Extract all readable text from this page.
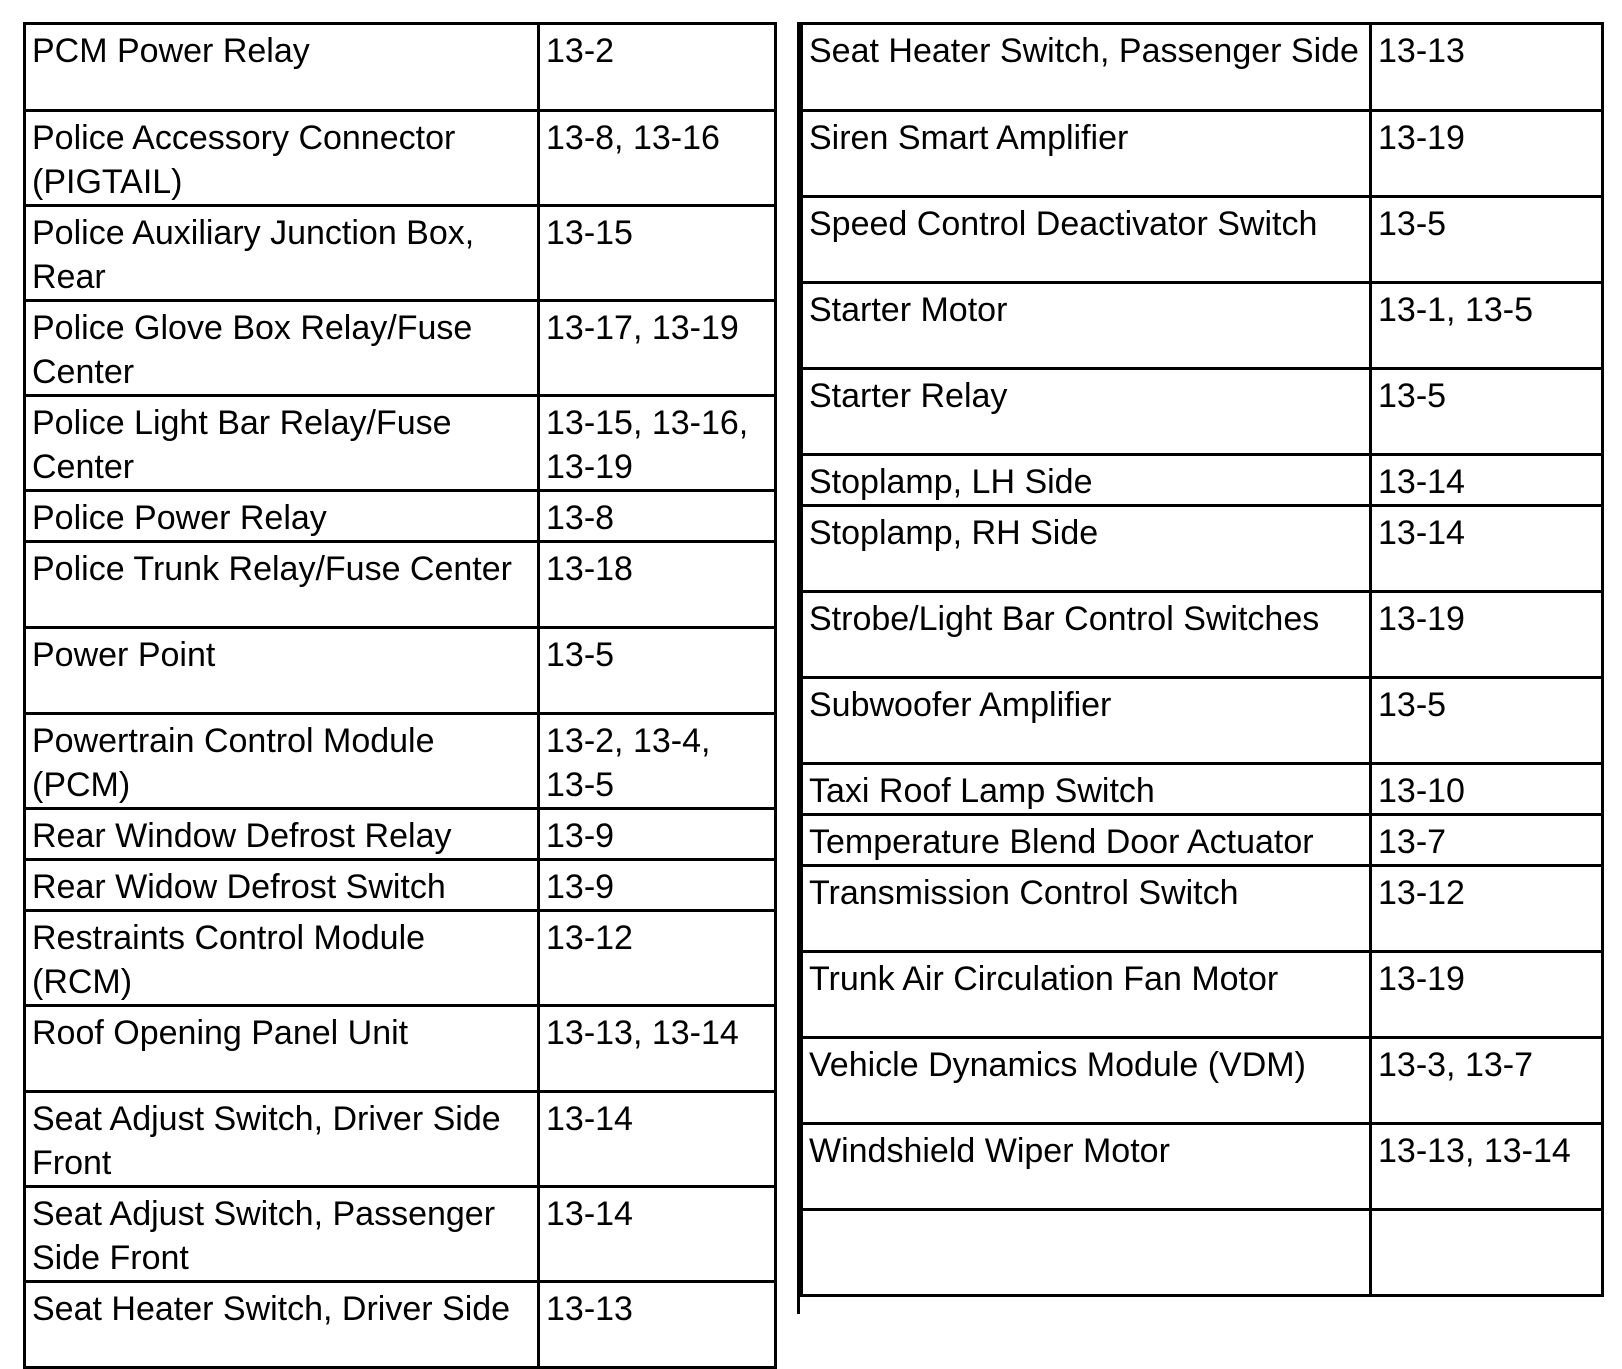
PCM Power Relay	13-2
Police Accessory Connector (PIGTAIL)	13-8, 13-16
Police Auxiliary Junction Box, Rear	13-15
Police Glove Box Relay/Fuse Center	13-17, 13-19
Police Light Bar Relay/Fuse Center	13-15, 13-16, 13-19
Police Power Relay	13-8
Police Trunk Relay/Fuse Center	13-18
Power Point	13-5
Powertrain Control Module (PCM)	13-2, 13-4, 13-5
Rear Window Defrost Relay	13-9
Rear Widow Defrost Switch	13-9
Restraints Control Module (RCM)	13-12
Roof Opening Panel Unit	13-13, 13-14
Seat Adjust Switch, Driver Side Front	13-14
Seat Adjust Switch, Passenger Side Front	13-14
Seat Heater Switch, Driver Side	13-13
Seat Heater Switch, Passenger Side	13-13
Siren Smart Amplifier	13-19
Speed Control Deactivator Switch	13-5
Starter Motor	13-1, 13-5
Starter Relay	13-5
Stoplamp, LH Side	13-14
Stoplamp, RH Side	13-14
Strobe/Light Bar Control Switches	13-19
Subwoofer Amplifier	13-5
Taxi Roof Lamp Switch	13-10
Temperature Blend Door Actuator	13-7
Transmission Control Switch	13-12
Trunk Air Circulation Fan Motor	13-19
Vehicle Dynamics Module (VDM)	13-3, 13-7
Windshield Wiper Motor	13-13, 13-14
